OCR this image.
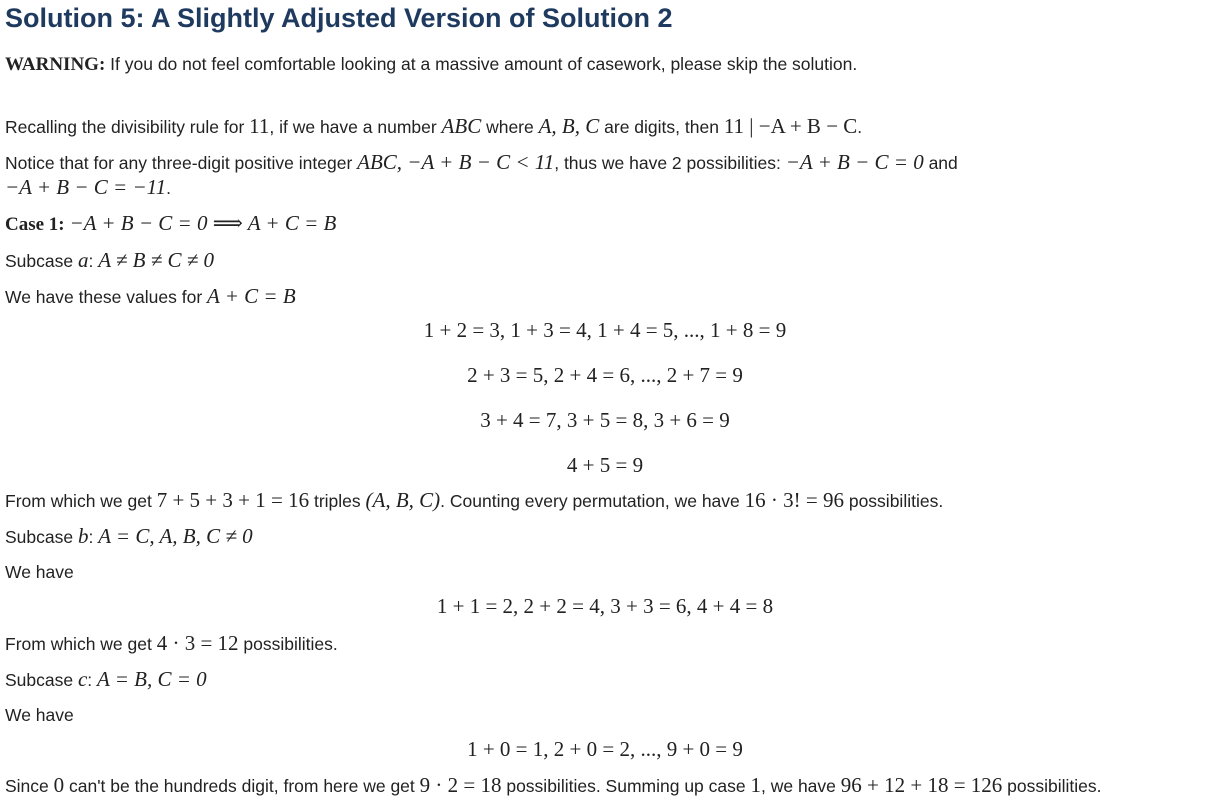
Solution 5: A Slightly Adjusted Version of Solution 2
WARNING: If you do not feel comfortable looking at a massive amount of casework, please skip the solution.
Recalling the divisibility rule for 11, if we have a number ABC where A, B, C are digits, then 11 | −A + B − C.
Notice that for any three-digit positive integer ABC, −A + B − C < 11, thus we have 2 possibilities: −A + B − C = 0 and
−A + B − C = −11.
Case 1: −A + B − C = 0 ⟹ A + C = B
Subcase a: A ≠ B ≠ C ≠ 0
We have these values for A + C = B
1 + 2 = 3, 1 + 3 = 4, 1 + 4 = 5, ..., 1 + 8 = 9
2 + 3 = 5, 2 + 4 = 6, ..., 2 + 7 = 9
3 + 4 = 7, 3 + 5 = 8, 3 + 6 = 9
4 + 5 = 9
From which we get 7 + 5 + 3 + 1 = 16 triples (A, B, C). Counting every permutation, we have 16 · 3! = 96 possibilities.
Subcase b: A = C, A, B, C ≠ 0
We have
1 + 1 = 2, 2 + 2 = 4, 3 + 3 = 6, 4 + 4 = 8
From which we get 4 · 3 = 12 possibilities.
Subcase c: A = B, C = 0
We have
1 + 0 = 1, 2 + 0 = 2, ..., 9 + 0 = 9
Since 0 can't be the hundreds digit, from here we get 9 · 2 = 18 possibilities. Summing up case 1, we have 96 + 12 + 18 = 126 possibilities.
